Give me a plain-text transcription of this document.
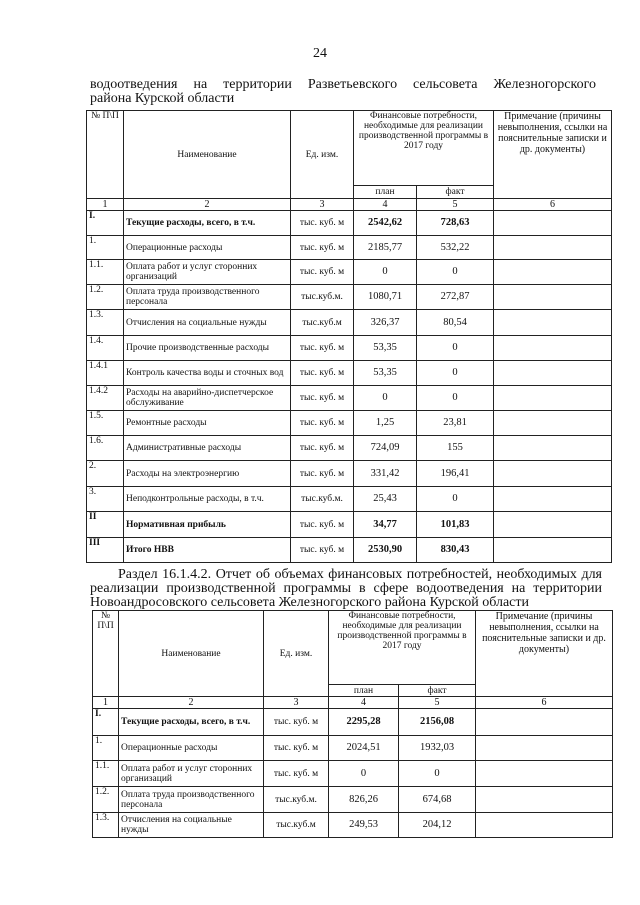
24
водоотведения на территории Разветьевского сельсовета Железногорского
района Курской области
№ П\П	Наименование	Ед. изм.	Финансовые потребности, необходимые для реализации производственной программы в 2017 году		Примечание (причины невыполнения, ссылки на пояснительные записки и др. документы)
			план	факт	
1	2	3	4	5	6
I.	Текущие расходы, всего, в т.ч.	тыс. куб. м	2542,62	728,63	
1.	Операционные расходы	тыс. куб. м	2185,77	532,22	
1.1.	Оплата работ и услуг сторонних организаций	тыс. куб. м	0	0	
1.2.	Оплата труда производственного персонала	тыс.куб.м.	1080,71	272,87	
1.3.	Отчисления на социальные нужды	тыс.куб.м	326,37	80,54	
1.4.	Прочие производственные расходы	тыс. куб. м	53,35	0	
1.4.1	Контроль качества воды и сточных вод	тыс. куб. м	53,35	0	
1.4.2	Расходы на аварийно-диспетчерское обслуживание	тыс. куб. м	0	0	
1.5.	Ремонтные расходы	тыс. куб. м	1,25	23,81	
1.6.	Административные расходы	тыс. куб. м	724,09	155	
2.	Расходы на электроэнергию	тыс. куб. м	331,42	196,41	
3.	Неподконтрольные расходы, в т.ч.	тыс.куб.м.	25,43	0	
II	Нормативная прибыль	тыс. куб. м	34,77	101,83	
III	Итого НВВ	тыс. куб. м	2530,90	830,43	
Раздел 16.1.4.2. Отчет об объемах финансовых потребностей, необходимых для
реализации производственной программы в сфере водоотведения на территории
Новоандросовского сельсовета Железногорского района Курской области
№ П\П	Наименование	Ед. изм.	Финансовые потребности, необходимые для реализации производственной программы в 2017 году		Примечание (причины невыполнения, ссылки на пояснительные записки и др. документы)
			план	факт	
1	2	3	4	5	6
I.	Текущие расходы, всего, в т.ч.	тыс. куб. м	2295,28	2156,08	
1.	Операционные расходы	тыс. куб. м	2024,51	1932,03	
1.1.	Оплата работ и услуг сторонних организаций	тыс. куб. м	0	0	
1.2.	Оплата труда производственного персонала	тыс.куб.м.	826,26	674,68	
1.3.	Отчисления на социальные нужды	тыс.куб.м	249,53	204,12	
